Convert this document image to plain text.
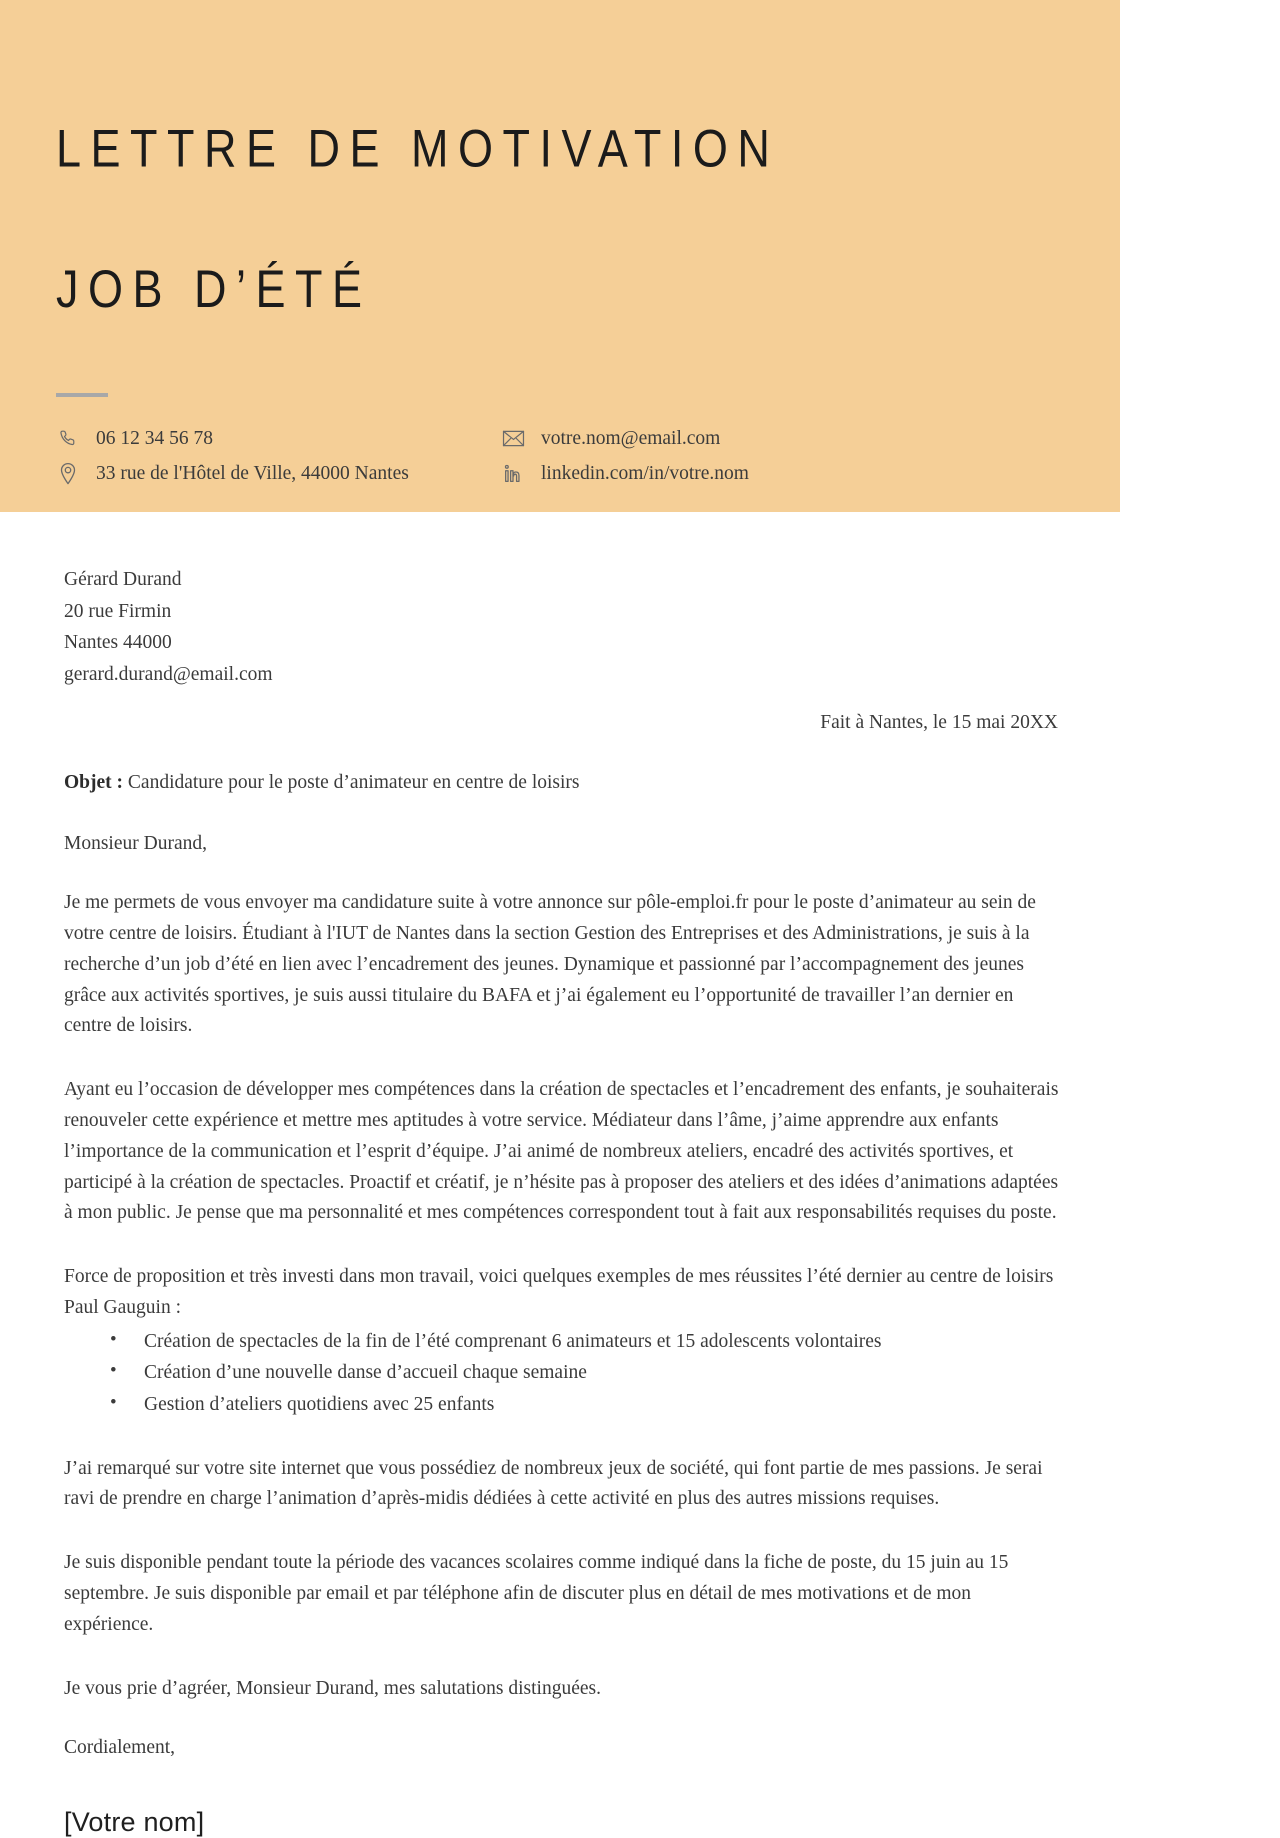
LETTRE DE MOTIVATION

JOB D’ÉTÉ

06 12 34 56 78	votre.nom@email.com
33 rue de l'Hôtel de Ville, 44000 Nantes	linkedin.com/in/votre.nom
Gérard Durand
20 rue Firmin
Nantes 44000
gerard.durand@email.com
Fait à Nantes, le 15 mai 20XX
Objet : Candidature pour le poste d’animateur en centre de loisirs
Monsieur Durand,

Je me permets de vous envoyer ma candidature suite à votre annonce sur pôle-emploi.fr pour le poste d’animateur au sein de votre centre de loisirs. Étudiant à l'IUT de Nantes dans la section Gestion des Entreprises et des Administrations, je suis à la recherche d’un job d’été en lien avec l’encadrement des jeunes. Dynamique et passionné par l’accompagnement des jeunes grâce aux activités sportives, je suis aussi titulaire du BAFA et j’ai également eu l’opportunité de travailler l’an dernier en centre de loisirs.

Ayant eu l’occasion de développer mes compétences dans la création de spectacles et l’encadrement des enfants, je souhaiterais renouveler cette expérience et mettre mes aptitudes à votre service. Médiateur dans l’âme, j’aime apprendre aux enfants l’importance de la communication et l’esprit d’équipe. J’ai animé de nombreux ateliers, encadré des activités sportives, et participé à la création de spectacles. Proactif et créatif, je n’hésite pas à proposer des ateliers et des idées d’animations adaptées à mon public. Je pense que ma personnalité et mes compétences correspondent tout à fait aux responsabilités requises du poste.

Force de proposition et très investi dans mon travail, voici quelques exemples de mes réussites l’été dernier au centre de loisirs Paul Gauguin :

• Création de spectacles de la fin de l’été comprenant 6 animateurs et 15 adolescents volontaires
• Création d’une nouvelle danse d’accueil chaque semaine
• Gestion d’ateliers quotidiens avec 25 enfants

J’ai remarqué sur votre site internet que vous possédiez de nombreux jeux de société, qui font partie de mes passions. Je serai ravi de prendre en charge l’animation d’après-midis dédiées à cette activité en plus des autres missions requises.

Je suis disponible pendant toute la période des vacances scolaires comme indiqué dans la fiche de poste, du 15 juin au 15 septembre. Je suis disponible par email et par téléphone afin de discuter plus en détail de mes motivations et de mon expérience.

Je vous prie d’agréer, Monsieur Durand, mes salutations distinguées.

Cordialement,
[Votre nom]
